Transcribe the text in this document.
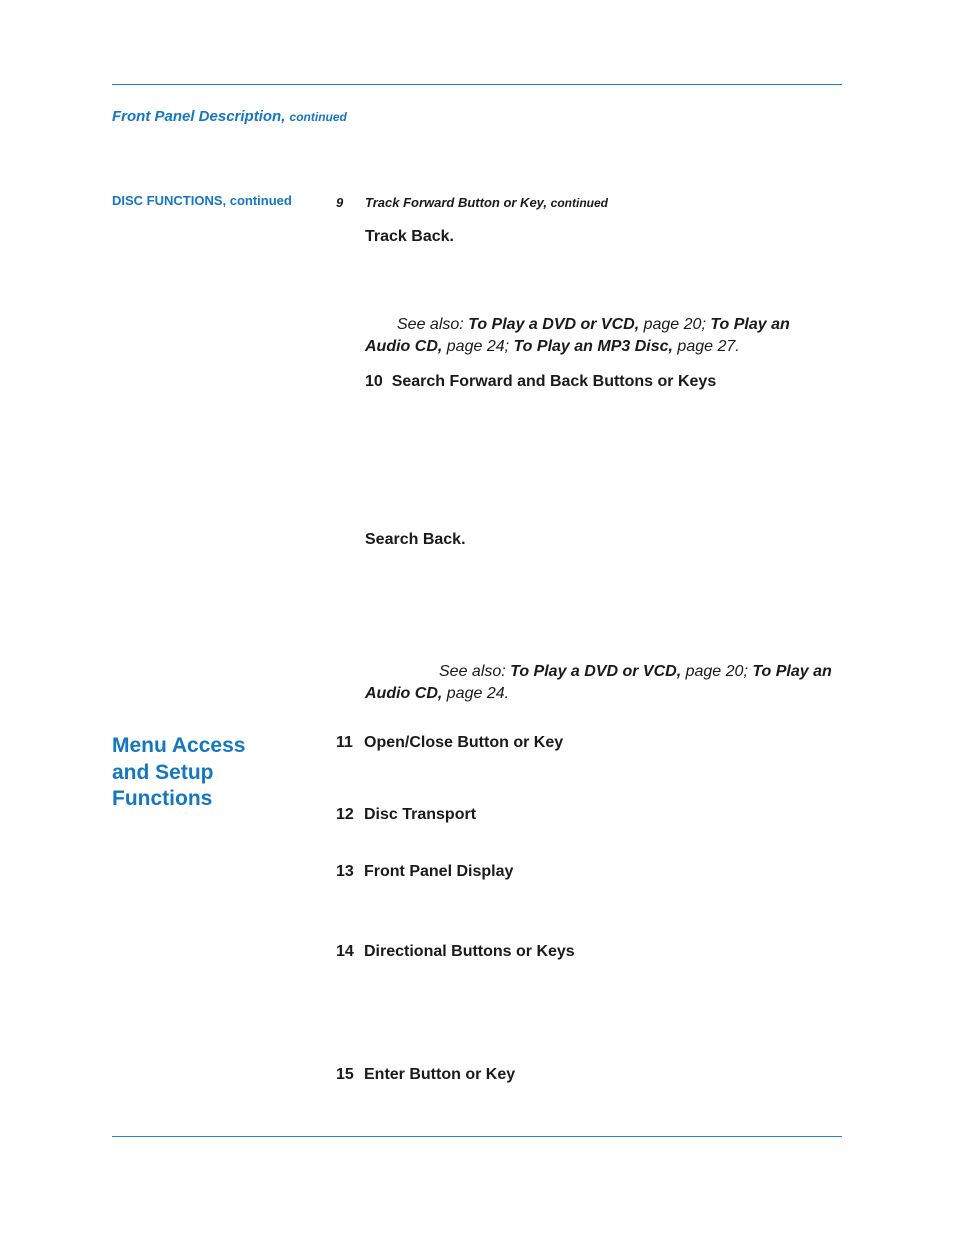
Front Panel Description, continued
DISC FUNCTIONS, continued	9 Track Forward Button or Key, continued
Track Back.
See also: To Play a DVD or VCD, page 20; To Play an Audio CD, page 24; To Play an MP3 Disc, page 27.
10 Search Forward and Back Buttons or Keys
Search Back.
See also: To Play a DVD or VCD, page 20; To Play an Audio CD, page 24.
Menu Access
and Setup
Functions
11 Open/Close Button or Key
12 Disc Transport
13 Front Panel Display
14 Directional Buttons or Keys
15 Enter Button or Key
